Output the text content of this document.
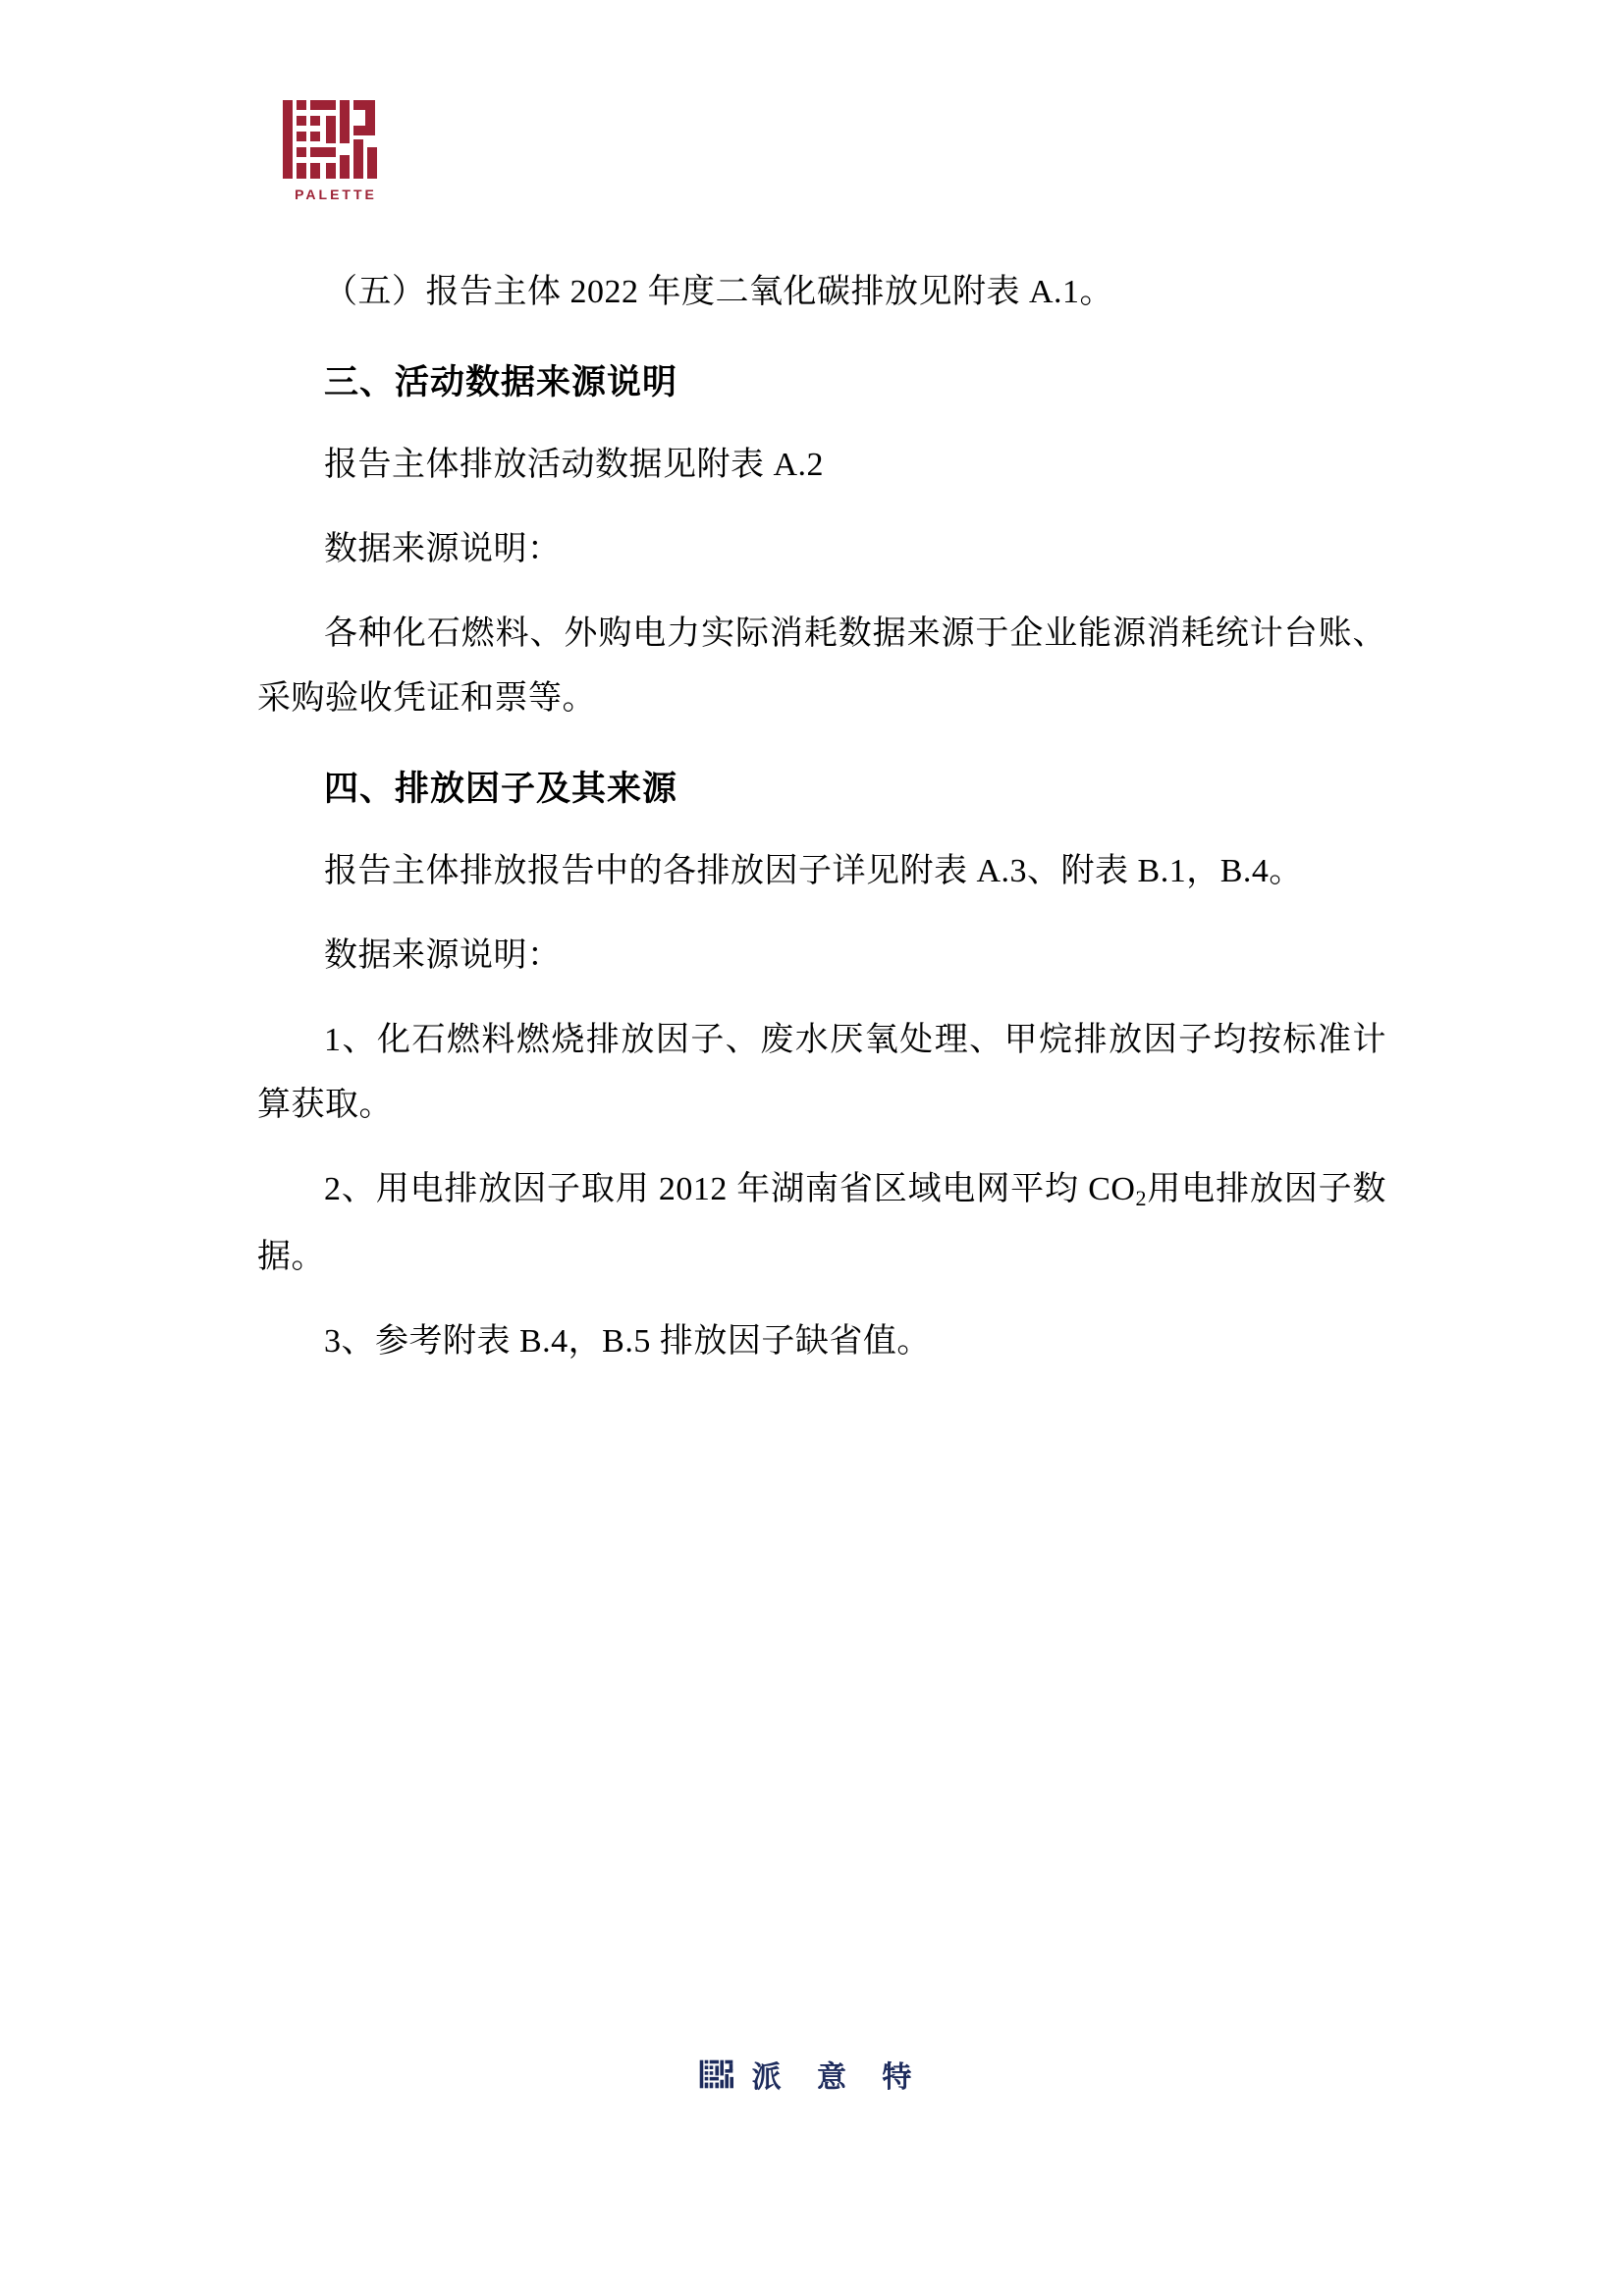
PALETTE

（五）报告主体 2022 年度二氧化碳排放见附表 A.1。

三、活动数据来源说明

报告主体排放活动数据见附表 A.2

数据来源说明：

各种化石燃料、外购电力实际消耗数据来源于企业能源消耗统计台账、采购验收凭证和票等。

四、排放因子及其来源

报告主体排放报告中的各排放因子详见附表 A.3、附表 B.1，B.4。

数据来源说明：

1、化石燃料燃烧排放因子、废水厌氧处理、甲烷排放因子均按标准计算获取。

2、用电排放因子取用 2012 年湖南省区域电网平均 $CO_2$用电排放因子数据。

3、参考附表 B.4，B.5 排放因子缺省值。

派 意 特
